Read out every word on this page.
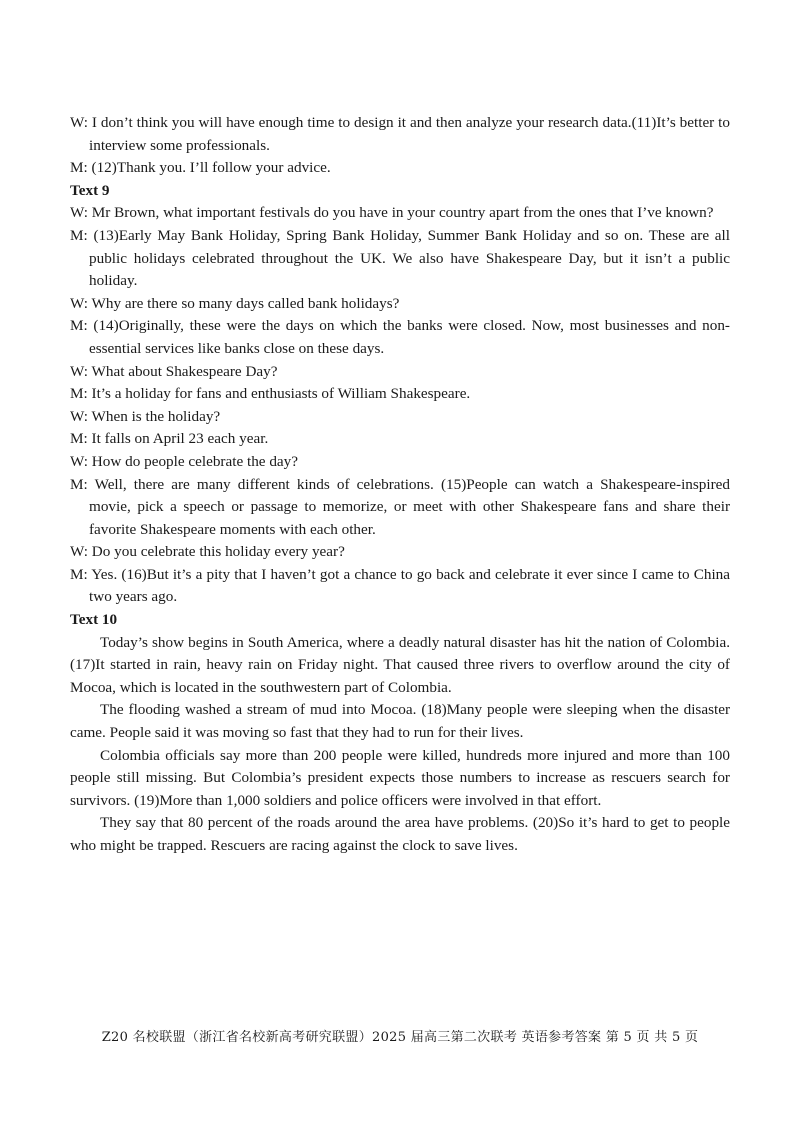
W: I don’t think you will have enough time to design it and then analyze your research data.(11)It’s better to interview some professionals.
M: (12)Thank you. I’ll follow your advice.
Text 9
W: Mr Brown, what important festivals do you have in your country apart from the ones that I’ve known?
M: (13)Early May Bank Holiday, Spring Bank Holiday, Summer Bank Holiday and so on. These are all public holidays celebrated throughout the UK. We also have Shakespeare Day, but it isn’t a public holiday.
W: Why are there so many days called bank holidays?
M: (14)Originally, these were the days on which the banks were closed. Now, most businesses and non-essential services like banks close on these days.
W: What about Shakespeare Day?
M: It’s a holiday for fans and enthusiasts of William Shakespeare.
W: When is the holiday?
M: It falls on April 23 each year.
W: How do people celebrate the day?
M: Well, there are many different kinds of celebrations. (15)People can watch a Shakespeare-inspired movie, pick a speech or passage to memorize, or meet with other Shakespeare fans and share their favorite Shakespeare moments with each other.
W: Do you celebrate this holiday every year?
M: Yes. (16)But it’s a pity that I haven’t got a chance to go back and celebrate it ever since I came to China two years ago.
Text 10
Today’s show begins in South America, where a deadly natural disaster has hit the nation of Colombia. (17)It started in rain, heavy rain on Friday night. That caused three rivers to overflow around the city of Mocoa, which is located in the southwestern part of Colombia.
The flooding washed a stream of mud into Mocoa. (18)Many people were sleeping when the disaster came. People said it was moving so fast that they had to run for their lives.
Colombia officials say more than 200 people were killed, hundreds more injured and more than 100 people still missing. But Colombia’s president expects those numbers to increase as rescuers search for survivors. (19)More than 1,000 soldiers and police officers were involved in that effort.
They say that 80 percent of the roads around the area have problems. (20)So it’s hard to get to people who might be trapped. Rescuers are racing against the clock to save lives.
Z20 名校联盟（浙江省名校新高考研究联盟）2025 届高三第二次联考 英语参考答案 第 5 页 共 5 页
